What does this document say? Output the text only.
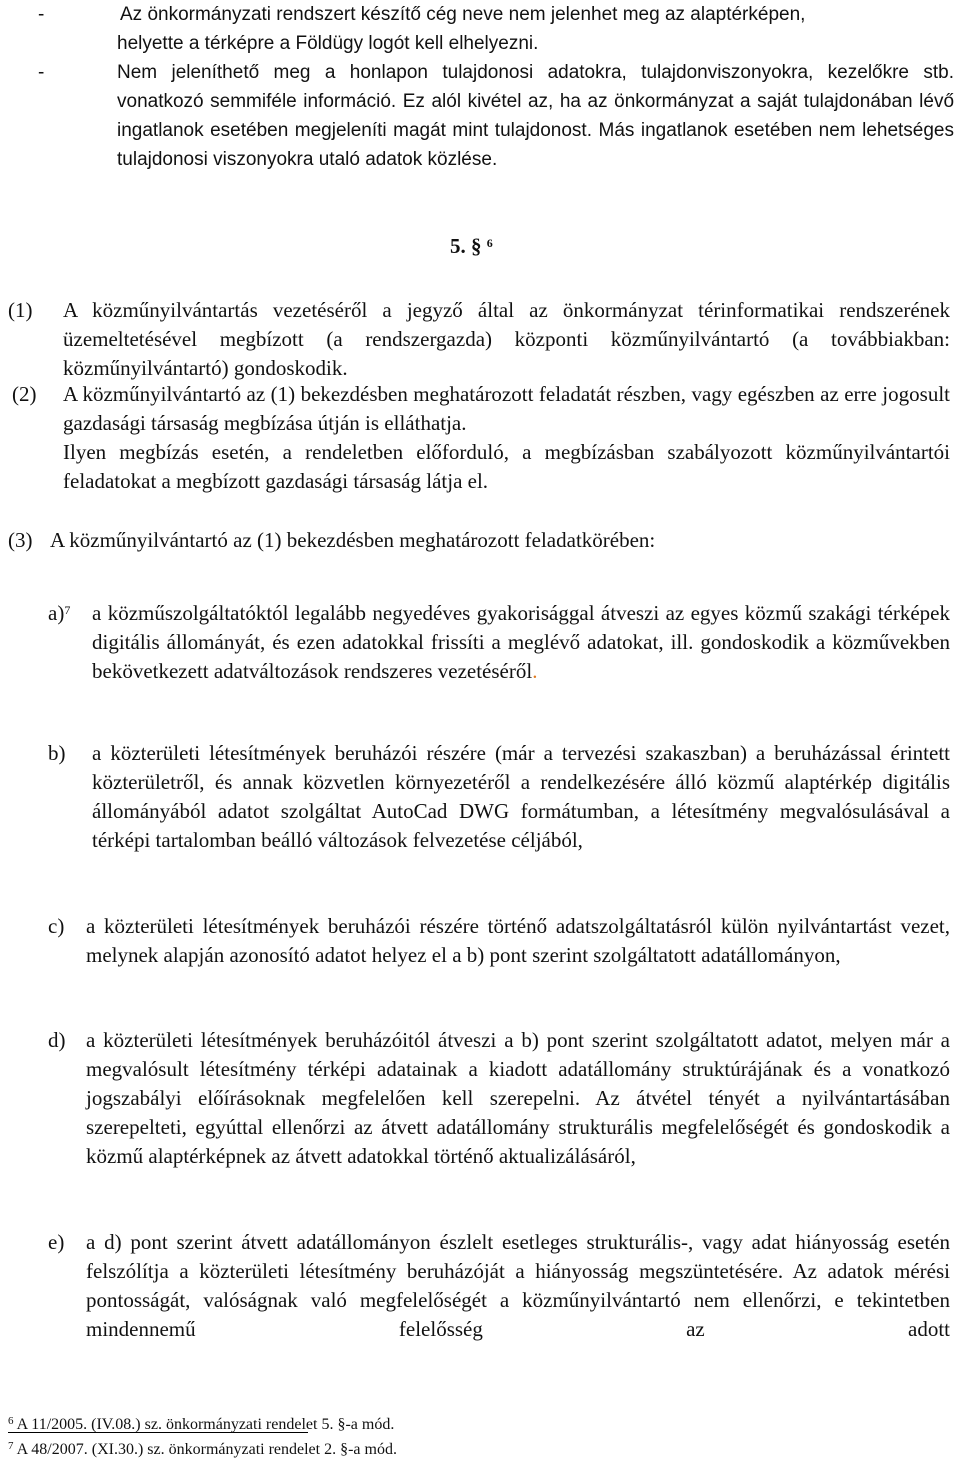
-	Az önkormányzati rendszert készítő cég neve nem jelenhet meg az alaptérképen,
helyette a térképre a Földügy logót kell elhelyezni.
-	Nem jeleníthető meg a honlapon tulajdonosi adatokra, tulajdonviszonyokra, kezelőkre stb. vonatkozó semmiféle információ. Ez alól kivétel az, ha az önkormányzat a saját tulajdonában lévő ingatlanok esetében megjeleníti magát mint tulajdonost. Más ingatlanok esetében nem lehetséges tulajdonosi viszonyokra utaló adatok közlése.
5. § $^6$
(1) A közműnyilvántartás vezetéséről a jegyző által az önkormányzat térinformatikai rendszerének üzemeltetésével megbízott (a rendszergazda) központi közműnyilvántartó (a továbbiakban: közműnyilvántartó) gondoskodik.
(2) A közműnyilvántartó az (1) bekezdésben meghatározott feladatát részben, vagy egészben az erre jogosult gazdasági társaság megbízása útján is elláthatja.
Ilyen megbízás esetén, a rendeletben előforduló, a megbízásban szabályozott közműnyilvántartói feladatokat a megbízott gazdasági társaság látja el.
(3) A közműnyilvántartó az (1) bekezdésben meghatározott feladatkörében:
a)$^7$ a közműszolgáltatóktól legalább negyedéves gyakorisággal átveszi az egyes közmű szakági térképek digitális állományát, és ezen adatokkal frissíti a meglévő adatokat, ill. gondoskodik a közművekben bekövetkezett adatváltozások rendszeres vezetéséről.
b) a közterületi létesítmények beruházói részére (már a tervezési szakaszban) a beruházással érintett közterületről, és annak közvetlen környezetéről a rendelkezésére álló közmű alaptérkép digitális állományából adatot szolgáltat AutoCad DWG formátumban, a létesítmény megvalósulásával a térképi tartalomban beálló változások felvezetése céljából,
c) a közterületi létesítmények beruházói részére történő adatszolgáltatásról külön nyilvántartást vezet, melynek alapján azonosító adatot helyez el a b) pont szerint szolgáltatott adatállományon,
d) a közterületi létesítmények beruházóitól átveszi a b) pont szerint szolgáltatott adatot, melyen már a megvalósult létesítmény térképi adatainak a kiadott adatállomány struktúrájának és a vonatkozó jogszabályi előírásoknak megfelelően kell szerepelni. Az átvétel tényét a nyilvántartásában szerepelteti, egyúttal ellenőrzi az átvett adatállomány strukturális megfelelőségét és gondoskodik a közmű alaptérképnek az átvett adatokkal történő aktualizálásáról,
e) a d) pont szerint átvett adatállományon észlelt esetleges strukturális-, vagy adat hiányosság esetén felszólítja a közterületi létesítmény beruházóját a hiányosság megszüntetésére. Az adatok mérési pontosságát, valóságnak való megfelelőségét a közműnyilvántartó nem ellenőrzi, e tekintetben mindennemű felelősség az adott
$^6$ A 11/2005. (IV.08.) sz. önkormányzati rendelet 5. §-a mód.
$^7$ A 48/2007. (XI.30.) sz. önkormányzati rendelet 2. §-a mód.
